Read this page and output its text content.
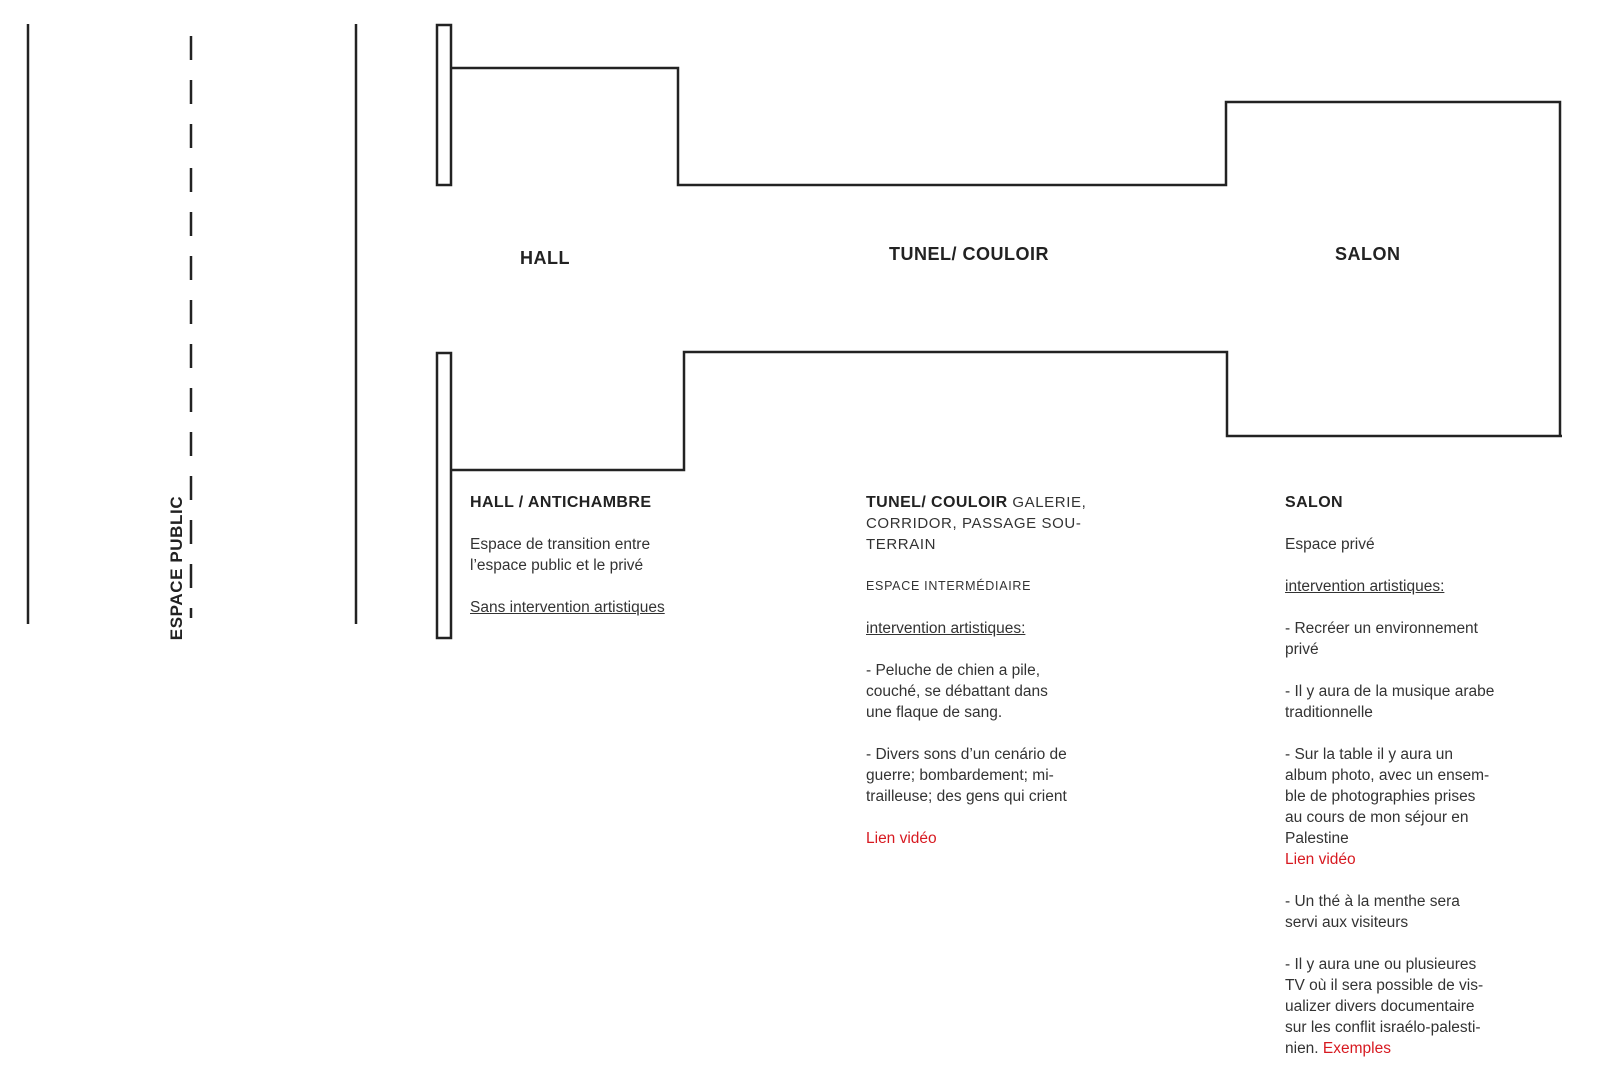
HALL	TUNEL/ COULOIR	SALON
ESPACE PUBLIC	HALL / ANTICHAMBRE

Espace de transition entre

l’espace public et le privé

Sans intervention artistiques

TUNEL/ COULOIR GALERIE,

CORRIDOR, PASSAGE SOU-

TERRAIN

ESPACE INTERMÉDIAIRE

intervention artistiques:

- Peluche de chien a pile,

couché, se débattant dans

une flaque de sang.

- Divers sons d’un cenário de

guerre; bombardement; mi-

trailleuse; des gens qui crient

Lien vidéo

SALON

Espace privé

intervention artistiques:

- Recréer un environnement

privé

- Il y aura de la musique arabe

traditionnelle

- Sur la table il y aura un

album photo, avec un ensem-

ble de photographies prises

au cours de mon séjour en

Palestine

Lien vidéo

- Un thé à la menthe sera

servi aux visiteurs

- Il y aura une ou plusieures

TV où il sera possible de vis-

ualizer divers documentaire

sur les conflit israélo-palesti-

nien. Exemples
